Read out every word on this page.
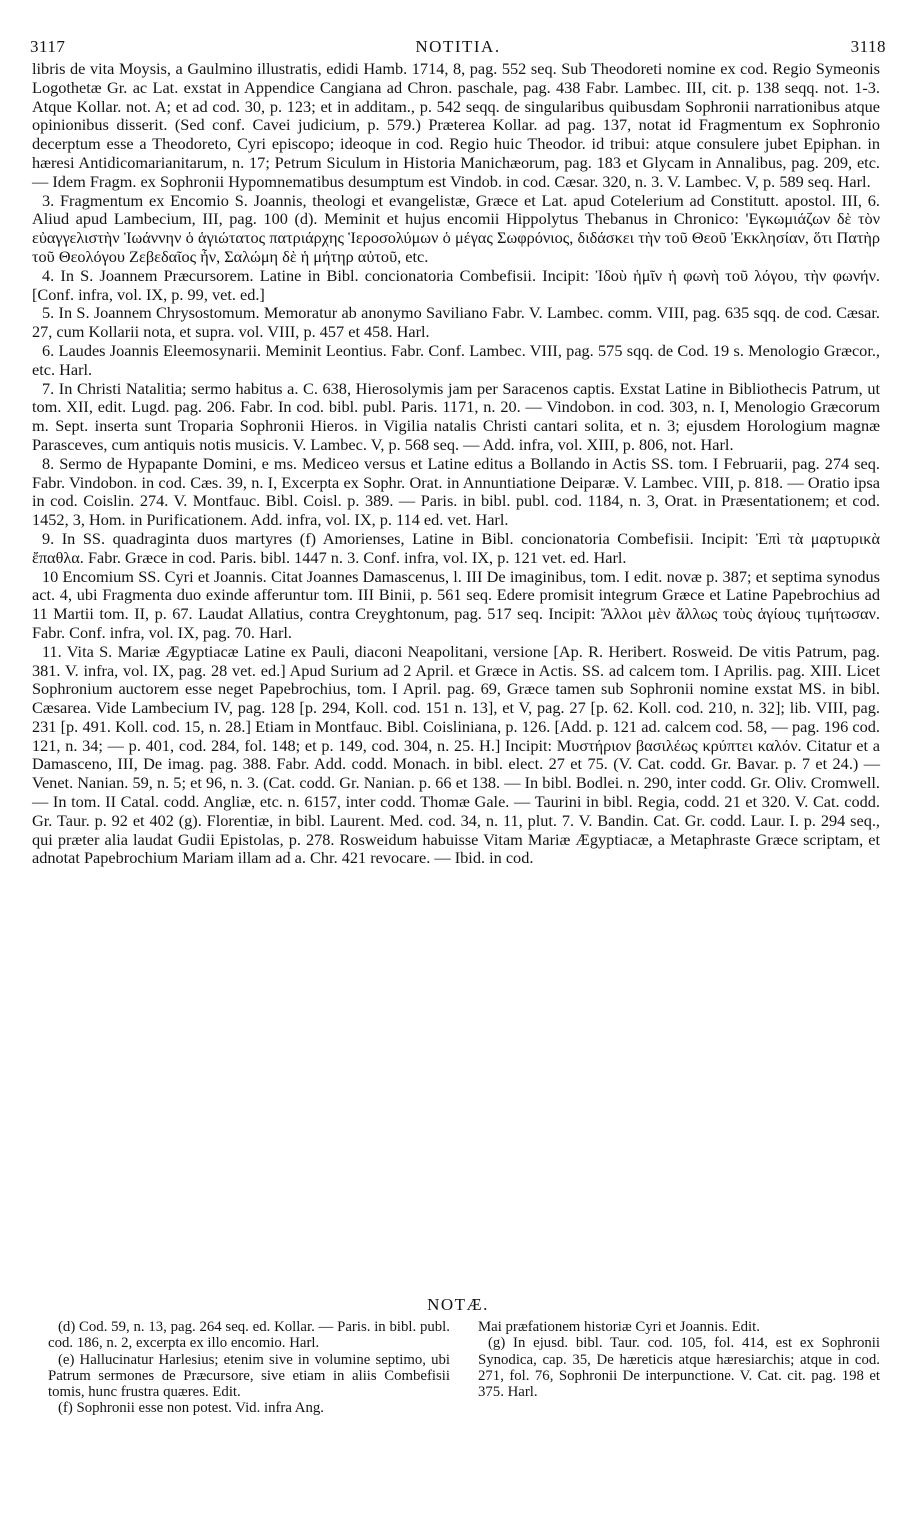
3117	NOTITIA.	3118

libris de vita Moysis, a Gaulmino illustratis, edidi Hamb. 1714, 8, pag. 552 seq. Sub Theodoreti nomine ex cod. Regio Symeonis Logothetæ Gr. ac Lat. exstat in Appendice Cangiana ad Chron. paschale, pag. 438 Fabr. Lambec. III, cit. p. 138 seqq. not. 1-3. Atque Kollar. not. A; et ad cod. 30, p. 123; et in additam., p. 542 seqq. de singularibus quibusdam Sophronii narrationibus atque opinionibus disserit. (Sed conf. Cavei judicium, p. 579.) Præterea Kollar. ad pag. 137, notat id Fragmentum ex Sophronio decerptum esse a Theodoreto, Cyri episcopo; ideoque in cod. Regio huic Theodor. id tribui: atque consulere jubet Epiphan. in hæresi Antidicomarianitarum, n. 17; Petrum Siculum in Historia Manichæorum, pag. 183 et Glycam in Annalibus, pag. 209, etc. — Idem Fragm. ex Sophronii Hypomnematibus desumptum est Vindob. in cod. Cæsar. 320, n. 3. V. Lambec. V, p. 589 seq. Harl.

3. Fragmentum ex Encomio S. Joannis, theologi et evangelistæ, Græce et Lat. apud Cotelerium ad Constitutt. apostol. III, 6. Aliud apud Lambecium, III, pag. 100 (d). Meminit et hujus encomii Hippolytus Thebanus in Chronico: 'Εγκωμιάζων δὲ τὸν εὐαγγελιστὴν Ἰωάννην ὁ ἁγιώτατος πατριάρχης Ἱεροσολύμων ὁ μέγας Σωφρόνιος, διδάσκει τὴν τοῦ Θεοῦ Ἐκκλησίαν, ὅτι Πατὴρ τοῦ Θεολόγου Ζεβεδαῖος ἦν, Σαλώμη δὲ ἡ μήτηρ αὐτοῦ, etc.

4. In S. Joannem Præcursorem. Latine in Bibl. concionatoria Combefisii. Incipit: Ἰδοὺ ἡμῖν ἡ φωνὴ τοῦ λόγου, τὴν φωνήν. [Conf. infra, vol. IX, p. 99, vet. ed.]

5. In S. Joannem Chrysostomum. Memoratur ab anonymo Saviliano Fabr. V. Lambec. comm. VIII, pag. 635 sqq. de cod. Cæsar. 27, cum Kollarii nota, et supra. vol. VIII, p. 457 et 458. Harl.

6. Laudes Joannis Eleemosynarii. Meminit Leontius. Fabr. Conf. Lambec. VIII, pag. 575 sqq. de Cod. 19 s. Menologio Græcor., etc. Harl.

7. In Christi Natalitia; sermo habitus a. C. 638, Hierosolymis jam per Saracenos captis. Exstat Latine in Bibliothecis Patrum, ut tom. XII, edit. Lugd. pag. 206. Fabr. In cod. bibl. publ. Paris. 1171, n. 20. — Vindobon. in cod. 303, n. I, Menologio Græcorum m. Sept. inserta sunt Troparia Sophronii Hieros. in Vigilia natalis Christi cantari solita, et n. 3; ejusdem Horologium magnæ Parasceves, cum antiquis notis musicis. V. Lambec. V, p. 568 seq. — Add. infra, vol. XIII, p. 806, not. Harl.

8. Sermo de Hypapante Domini, e ms. Mediceo versus et Latine editus a Bollando in Actis SS. tom. I Februarii, pag. 274 seq. Fabr. Vindobon. in cod. Cæs. 39, n. I, Excerpta ex Sophr. Orat. in Annuntiatione Deiparæ. V. Lambec. VIII, p. 818. — Oratio ipsa in cod. Coislin. 274. V. Montfauc. Bibl. Coisl. p. 389. — Paris. in bibl. publ. cod. 1184, n. 3, Orat. in Præsentationem; et cod. 1452, 3, Hom. in Purificationem. Add. infra, vol. IX, p. 114 ed. vet. Harl.

9. In SS. quadraginta duos martyres (f) Amorienses, Latine in Bibl. concionatoria Combefisii. Incipit: Ἐπὶ τὰ μαρτυρικὰ ἔπαθλα. Fabr. Græce in cod. Paris. bibl. 1447 n. 3. Conf. infra, vol. IX, p. 121 vet. ed. Harl.

10 Encomium SS. Cyri et Joannis. Citat Joannes Damascenus, l. III De imaginibus, tom. I edit. novæ p. 387; et septima synodus act. 4, ubi Fragmenta duo exinde afferuntur tom. III Binii, p. 561 seq. Edere promisit integrum Græce et Latine Papebrochius ad 11 Martii tom. II, p. 67. Laudat Allatius, contra Creyghtonum, pag. 517 seq. Incipit: Ἄλλοι μὲν ἄλλως τοὺς ἁγίους τιμήτωσαν. Fabr. Conf. infra, vol. IX, pag. 70. Harl.

11. Vita S. Mariæ Ægyptiacæ Latine ex Pauli, diaconi Neapolitani, versione [Ap. R. Heribert. Rosweid. De vitis Patrum, pag. 381. V. infra, vol. IX, pag. 28 vet. ed.] Apud Surium ad 2 April. et Græce in Actis. SS. ad calcem tom. I Aprilis. pag. XIII. Licet Sophronium auctorem esse neget Papebrochius, tom. I April. pag. 69, Græce tamen sub Sophronii nomine exstat MS. in bibl. Cæsarea. Vide Lambecium IV, pag. 128 [p. 294, Koll. cod. 151 n. 13], et V, pag. 27 [p. 62. Koll. cod. 210, n. 32]; lib. VIII, pag. 231 [p. 491. Koll. cod. 15, n. 28.] Etiam in Montfauc. Bibl. Coisliniana, p. 126. [Add. p. 121 ad. calcem cod. 58, — pag. 196 cod. 121, n. 34; — p. 401, cod. 284, fol. 148; et p. 149, cod. 304, n. 25. H.] Incipit: Μυστήριον βασιλέως κρύπτει καλόν. Citatur et a Damasceno, III, De imag. pag. 388. Fabr. Add. codd. Monach. in bibl. elect. 27 et 75. (V. Cat. codd. Gr. Bavar. p. 7 et 24.) — Venet. Nanian. 59, n. 5; et 96, n. 3. (Cat. codd. Gr. Nanian. p. 66 et 138. — In bibl. Bodlei. n. 290, inter codd. Gr. Oliv. Cromwell. — In tom. II Catal. codd. Angliæ, etc. n. 6157, inter codd. Thomæ Gale. — Taurini in bibl. Regia, codd. 21 et 320. V. Cat. codd. Gr. Taur. p. 92 et 402 (g). Florentiæ, in bibl. Laurent. Med. cod. 34, n. 11, plut. 7. V. Bandin. Cat. Gr. codd. Laur. I. p. 294 seq., qui præter alia laudat Gudii Epistolas, p. 278. Rosweidum habuisse Vitam Mariæ Ægyptiacæ, a Metaphraste Græce scriptam, et adnotat Papebrochium Mariam illam ad a. Chr. 421 revocare. — Ibid. in cod.

NOTÆ.

(d) Cod. 59, n. 13, pag. 264 seq. ed. Kollar. — Paris. in bibl. publ. cod. 186, n. 2, excerpta ex illo encomio. Harl.

(e) Hallucinatur Harlesius; etenim sive in volumine septimo, ubi Patrum sermones de Præcursore, sive etiam in aliis Combefisii tomis, hunc frustra quæres. Edit.

(f) Sophronii esse non potest. Vid. infra Ang.

Mai præfationem historiæ Cyri et Joannis. Edit.

(g) In ejusd. bibl. Taur. cod. 105, fol. 414, est ex Sophronii Synodica, cap. 35, De hæreticis atque hæresiarchis; atque in cod. 271, fol. 76, Sophronii De interpunctione. V. Cat. cit. pag. 198 et 375. Harl.
